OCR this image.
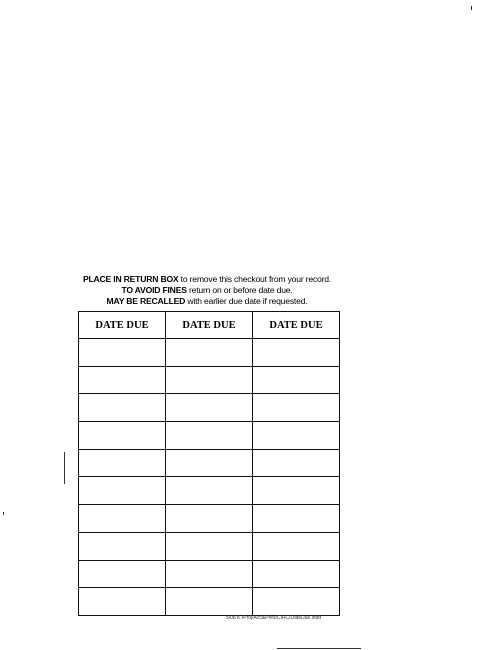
PLACE IN RETURN BOX to remove this checkout from your record.
TO AVOID FINES return on or before date due.
MAY BE RECALLED with earlier due date if requested.
DATE DUE	DATE DUE	DATE DUE

5/08 K:/Proj/Acc&Pres/CIRC/DateDue.indd
